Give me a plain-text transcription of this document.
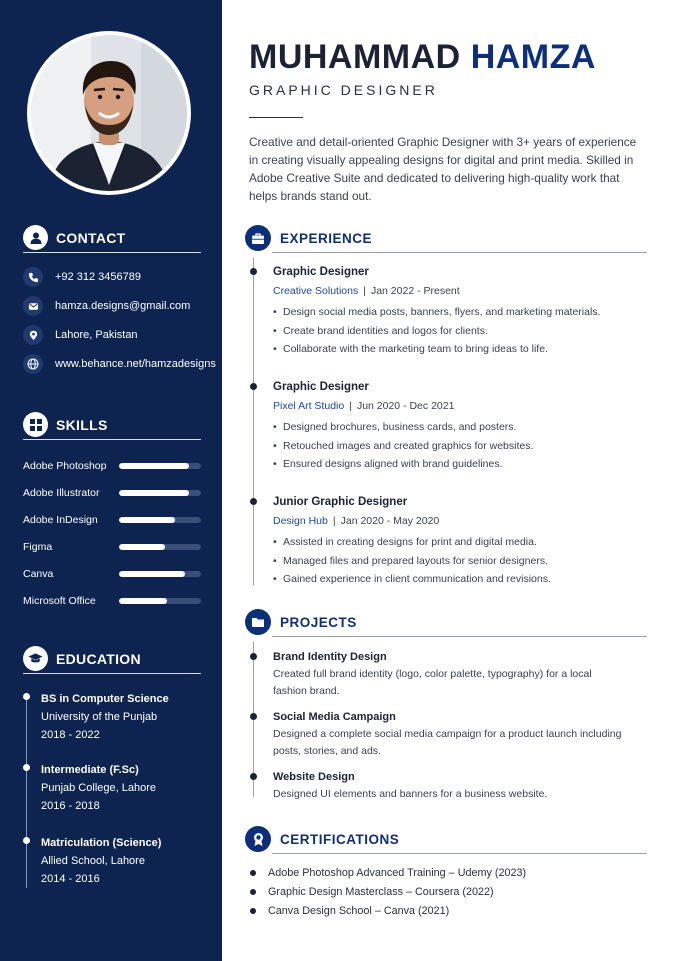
CONTACT
+92 312 3456789
hamza.designs@gmail.com
Lahore, Pakistan
www.behance.net/hamzadesigns
SKILLS
Adobe Photoshop
Adobe Illustrator
Adobe InDesign
Figma
Canva
Microsoft Office
EDUCATION
BS in Computer Science
University of the Punjab
2018 - 2022
Intermediate (F.Sc)
Punjab College, Lahore
2016 - 2018
Matriculation (Science)
Allied School, Lahore
2014 - 2016
MUHAMMAD HAMZA
GRAPHIC DESIGNER
Creative and detail-oriented Graphic Designer with 3+ years of experience in creating visually appealing designs for digital and print media. Skilled in Adobe Creative Suite and dedicated to delivering high-quality work that helps brands stand out.
EXPERIENCE
Graphic Designer
Creative Solutions | Jan 2022 - Present
• Design social media posts, banners, flyers, and marketing materials.
• Create brand identities and logos for clients.
• Collaborate with the marketing team to bring ideas to life.
Graphic Designer
Pixel Art Studio | Jun 2020 - Dec 2021
• Designed brochures, business cards, and posters.
• Retouched images and created graphics for websites.
• Ensured designs aligned with brand guidelines.
Junior Graphic Designer
Design Hub | Jan 2020 - May 2020
• Assisted in creating designs for print and digital media.
• Managed files and prepared layouts for senior designers.
• Gained experience in client communication and revisions.
PROJECTS
Brand Identity Design
Created full brand identity (logo, color palette, typography) for a local fashion brand.
Social Media Campaign
Designed a complete social media campaign for a product launch including posts, stories, and ads.
Website Design
Designed UI elements and banners for a business website.
CERTIFICATIONS
Adobe Photoshop Advanced Training – Udemy (2023)
Graphic Design Masterclass – Coursera (2022)
Canva Design School – Canva (2021)
